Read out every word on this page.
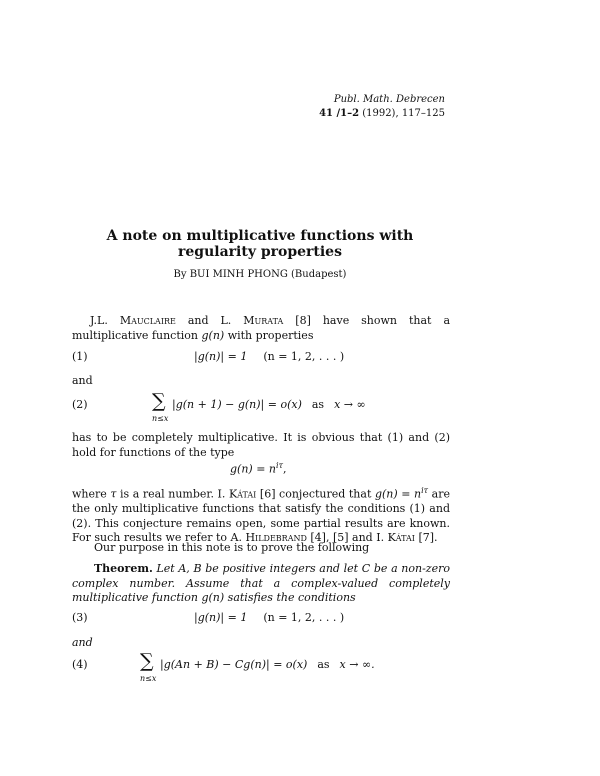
Publ. Math. Debrecen
41 /1–2 (1992), 117–125
A note on multiplicative functions with
regularity properties
By BUI MINH PHONG (Budapest)
J.L. Mauclaire and L. Murata [8] have shown that a multiplicative function g(n) with properties
(1)	|g(n)| = 1 (n = 1, 2, . . . )
and
(2)	∑
n≤x
|g(n + 1) − g(n)| = o(x) as x → ∞
has to be completely multiplicative. It is obvious that (1) and (2) hold for functions of the type
$g(n) = n^{i\tau}$,
where τ is a real number. I. Kátai [6] conjectured that $g(n) = n^{i\tau}$ are the only multiplicative functions that satisfy the conditions (1) and (2). This conjecture remains open, some partial results are known. For such results we refer to A. Hildebrand [4], [5] and I. Kátai [7].
Our purpose in this note is to prove the following
Theorem. Let A, B be positive integers and let C be a non-zero complex number. Assume that a complex-valued completely multiplicative function g(n) satisfies the conditions
(3)	|g(n)| = 1 (n = 1, 2, . . . )
and
(4)	∑
n≤x
|g(An + B) − Cg(n)| = o(x) as x → ∞.
